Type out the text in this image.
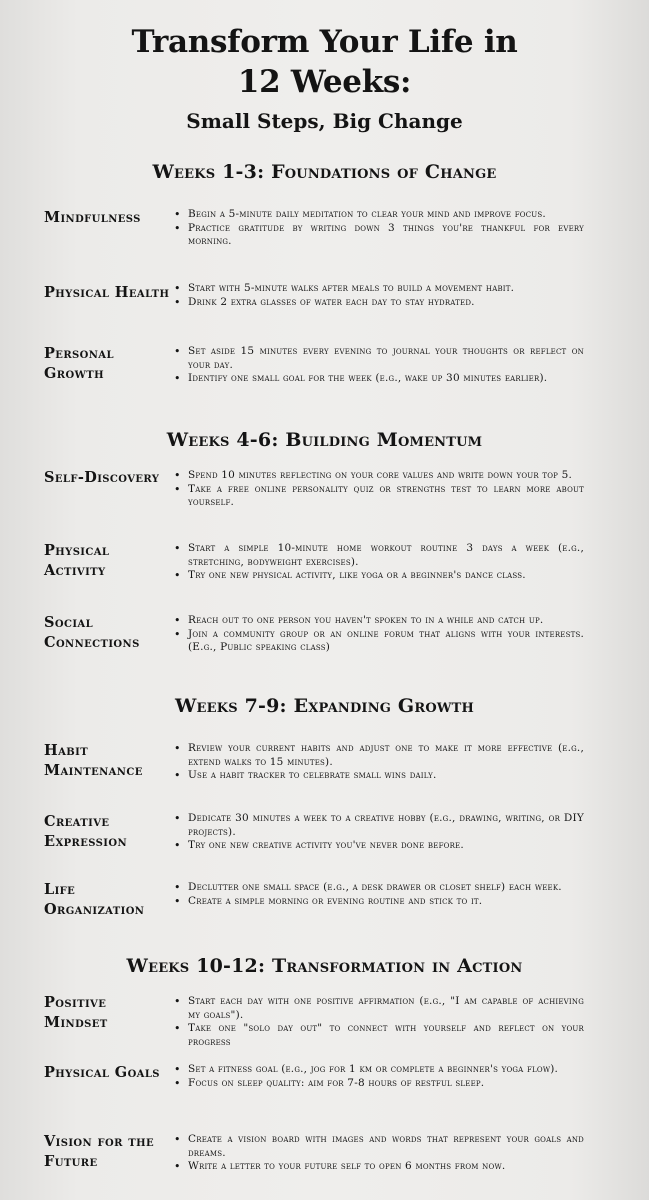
Transform Your Life in
12 Weeks:
Small Steps, Big Change
Weeks 1-3: Foundations of Change
Mindfulness	• Begin a 5-minute daily meditation to clear your mind and improve focus.
• Practice gratitude by writing down 3 things you're thankful for every morning.
Physical Health • Start with 5-minute walks after meals to build a movement habit.
• Drink 2 extra glasses of water each day to stay hydrated.
Personal Growth
• Set aside 15 minutes every evening to journal your thoughts or reflect on your day.
• Identify one small goal for the week (e.g., wake up 30 minutes earlier).
Weeks 4-6: Building Momentum
Self-Discovery	• Spend 10 minutes reflecting on your core values and write down your top 5.
• Take a free online personality quiz or strengths test to learn more about yourself.
Physical Activity
• Start a simple 10-minute home workout routine 3 days a week (e.g., stretching, bodyweight exercises).
• Try one new physical activity, like yoga or a beginner's dance class.
Social Connections
• Reach out to one person you haven't spoken to in a while and catch up.
• Join a community group or an online forum that aligns with your interests. (E.g., Public speaking class)
Weeks 7-9: Expanding Growth
Habit Maintenance
• Review your current habits and adjust one to make it more effective (e.g., extend walks to 15 minutes).
• Use a habit tracker to celebrate small wins daily.
Creative Expression
• Dedicate 30 minutes a week to a creative hobby (e.g., drawing, writing, or DIY projects).
• Try one new creative activity you've never done before.
Life Organization
• Declutter one small space (e.g., a desk drawer or closet shelf) each week.
• Create a simple morning or evening routine and stick to it.
Weeks 10-12: Transformation in Action
Positive Mindset
• Start each day with one positive affirmation (e.g., "I am capable of achieving my goals").
• Take one "solo day out" to connect with yourself and reflect on your progress
Physical Goals	• Set a fitness goal (e.g., jog for 1 km or complete a beginner's yoga flow).
• Focus on sleep quality: aim for 7-8 hours of restful sleep.
Vision for the Future
• Create a vision board with images and words that represent your goals and dreams.
• Write a letter to your future self to open 6 months from now.
